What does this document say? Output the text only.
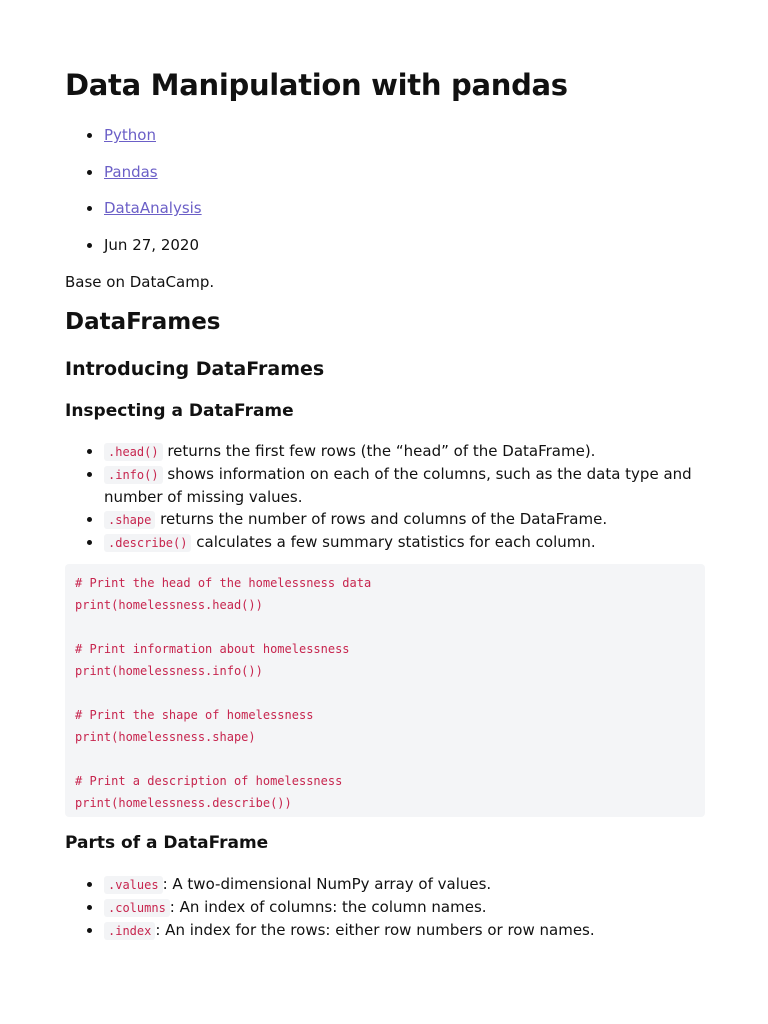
Data Manipulation with pandas
Python
Pandas
DataAnalysis
Jun 27, 2020

Base on DataCamp.

DataFrames
Introducing DataFrames
Inspecting a DataFrame
.head() returns the first few rows (the “head” of the DataFrame).
.info() shows information on each of the columns, such as the data type and number of missing values.
.shape returns the number of rows and columns of the DataFrame.
.describe() calculates a few summary statistics for each column.
# Print the head of the homelessness data
print(homelessness.head())
# Print information about homelessness
print(homelessness.info())
# Print the shape of homelessness
print(homelessness.shape)
# Print a description of homelessness
print(homelessness.describe())
Parts of a DataFrame
.values : A two-dimensional NumPy array of values.
.columns : An index of columns: the column names.
.index : An index for the rows: either row numbers or row names.
